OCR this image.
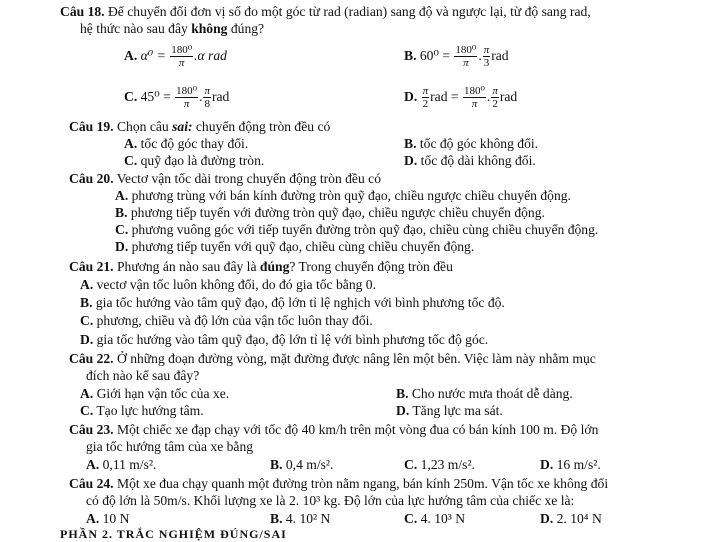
Câu 18. Để chuyển đổi đơn vị số đo một góc từ rad (radian) sang độ và ngược lại, từ độ sang rad,
hệ thức nào sau đây không đúng?
A. $\alpha^0 = \frac{\text{180⁰}}{\pi} .\alpha$ rad	B. $60^0 = \frac{\text{180⁰}}{\pi}$ . $\frac{\pi}{3}$ rad
C. $45^0 = \frac{\text{180⁰}}{\pi}$ . $\frac{\pi}{8}$ rad	D. $\frac{\pi}{2}$ rad = $\frac{\text{180⁰}}{\pi}$ . $\frac{\pi}{2}$ rad
Câu 19. Chọn câu sai: chuyển động tròn đều có
A. tốc độ góc thay đổi.	B. tốc độ góc không đổi.
C. quỹ đạo là đường tròn.	D. tốc độ dài không đổi.
Câu 20. Vectơ vận tốc dài trong chuyển động tròn đều có
A. phương trùng với bán kính đường tròn quỹ đạo, chiều ngược chiều chuyển động.
B. phương tiếp tuyến với đường tròn quỹ đạo, chiều ngược chiều chuyển động.
C. phương vuông góc với tiếp tuyến đường tròn quỹ đạo, chiều cùng chiều chuyển động.
D. phương tiếp tuyến với quỹ đạo, chiều cùng chiều chuyển động.
Câu 21. Phương án nào sau đây là đúng? Trong chuyển động tròn đều
A. vectơ vận tốc luôn không đổi, do đó gia tốc bằng 0.
B. gia tốc hướng vào tâm quỹ đạo, độ lớn tỉ lệ nghịch với bình phương tốc độ.
C. phương, chiều và độ lớn của vận tốc luôn thay đổi.
D. gia tốc hướng vào tâm quỹ đạo, độ lớn tỉ lệ với bình phương tốc độ góc.
Câu 22. Ở những đoạn đường vòng, mặt đường được nâng lên một bên. Việc làm này nhằm mục
đích nào kể sau đây?
A. Giới hạn vận tốc của xe.	B. Cho nước mưa thoát dễ dàng.
C. Tạo lực hướng tâm.	D. Tăng lực ma sát.
Câu 23. Một chiếc xe đạp chạy với tốc độ 40 km/h trên một vòng đua có bán kính 100 m. Độ lớn
gia tốc hướng tâm của xe bằng
A. 0,11 m/s².	B. 0,4 m/s².	C. 1,23 m/s².	D. 16 m/s².
Câu 24. Một xe đua chạy quanh một đường tròn nằm ngang, bán kính 250m. Vận tốc xe không đổi
có độ lớn là 50m/s. Khối lượng xe là 2. 10³ kg. Độ lớn của lực hướng tâm của chiếc xe là:
A. 10 N	B. 4. 10² N	C. 4. 10³ N	D. 2. 10⁴ N
PHẦN 2. TRẮC NGHIỆM ĐÚNG/SAI
